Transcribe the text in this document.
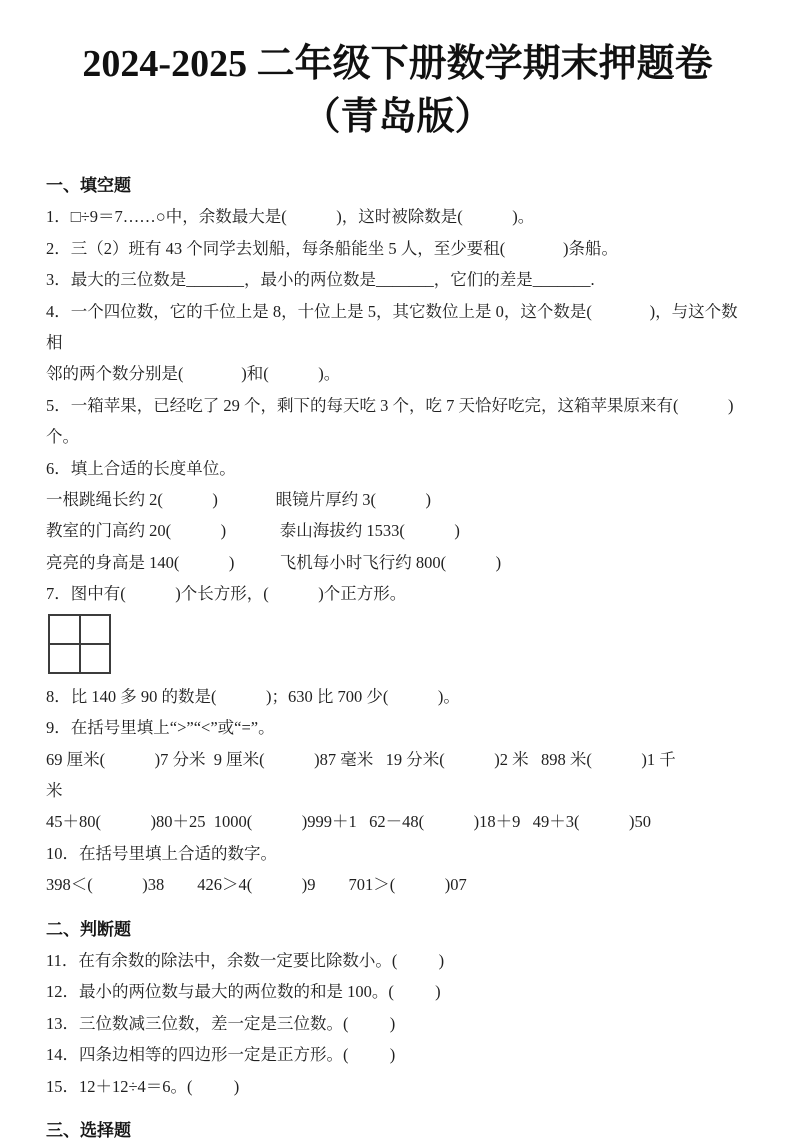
2024-2025 二年级下册数学期末押题卷
（青岛版）

一、填空题

1．□÷9＝7……○中，余数最大是(            )，这时被除数是(            )。

2．三（2）班有 43 个同学去划船，每条船能坐 5 人，至少要租(              )条船。

3．最大的三位数是_______，最小的两位数是_______，它们的差是_______.

4．一个四位数，它的千位上是 8，十位上是 5，其它数位上是 0，这个数是(              )，与这个数相

邻的两个数分别是(              )和(            )。

5．一箱苹果，已经吃了 29 个，剩下的每天吃 3 个，吃 7 天恰好吃完，这箱苹果原来有(            )个。

6．填上合适的长度单位。

一根跳绳长约 2(            )              眼镜片厚约 3(            )

教室的门高约 20(            )             泰山海拔约 1533(            )

亮亮的身高是 140(            )           飞机每小时飞行约 800(            )

7．图中有(            )个长方形，(            )个正方形。

8．比 140 多 90 的数是(            )；630 比 700 少(            )。

9．在括号里填上“>”“<”或“=”。

69 厘米(            )7 分米  9 厘米(            )87 毫米   19 分米(            )2 米   898 米(            )1 千

米

45＋80(            )80＋25  1000(            )999＋1   62－48(            )18＋9   49＋3(            )50

10．在括号里填上合适的数字。

398＜(            )38        426＞4(            )9        701＞(            )07

二、判断题

11．在有余数的除法中，余数一定要比除数小。(          )

12．最小的两位数与最大的两位数的和是 100。(          )

13．三位数减三位数，差一定是三位数。(          )

14．四条边相等的四边形一定是正方形。(          )

15．12＋12÷4＝6。(          )

三、选择题
